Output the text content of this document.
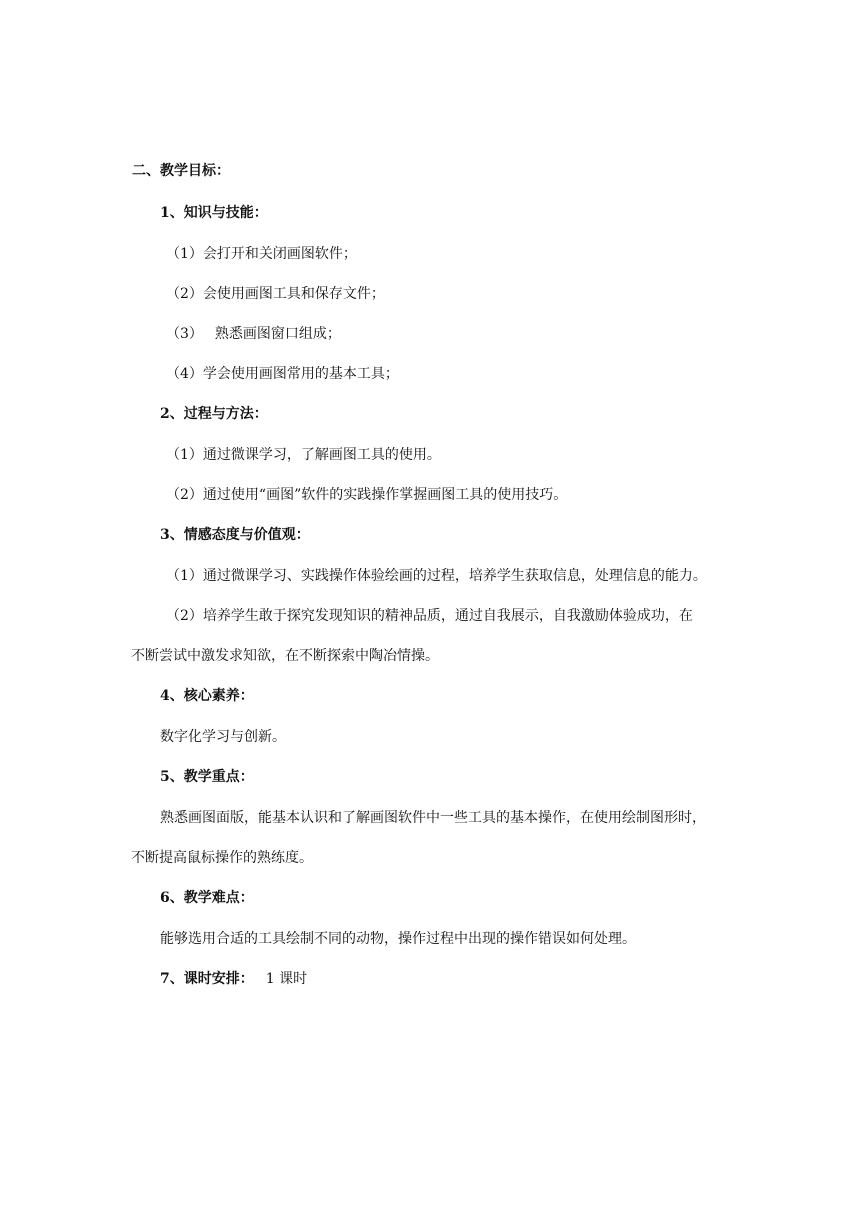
二、教学目标：
1、知识与技能：
（1）会打开和关闭画图软件；
（2）会使用画图工具和保存文件；
（3） 熟悉画图窗口组成；
（4）学会使用画图常用的基本工具；
2、过程与方法：
（1）通过微课学习，了解画图工具的使用。
（2）通过使用“画图”软件的实践操作掌握画图工具的使用技巧。
3、情感态度与价值观：
（1）通过微课学习、实践操作体验绘画的过程，培养学生获取信息，处理信息的能力。
（2）培养学生敢于探究发现知识的精神品质，通过自我展示，自我激励体验成功，在
不断尝试中激发求知欲，在不断探索中陶冶情操。
4、核心素养：
数字化学习与创新。
5、教学重点：
熟悉画图面版，能基本认识和了解画图软件中一些工具的基本操作，在使用绘制图形时，
不断提高鼠标操作的熟练度。
6、教学难点：
能够选用合适的工具绘制不同的动物，操作过程中出现的操作错误如何处理。
7、课时安排： 1 课时
